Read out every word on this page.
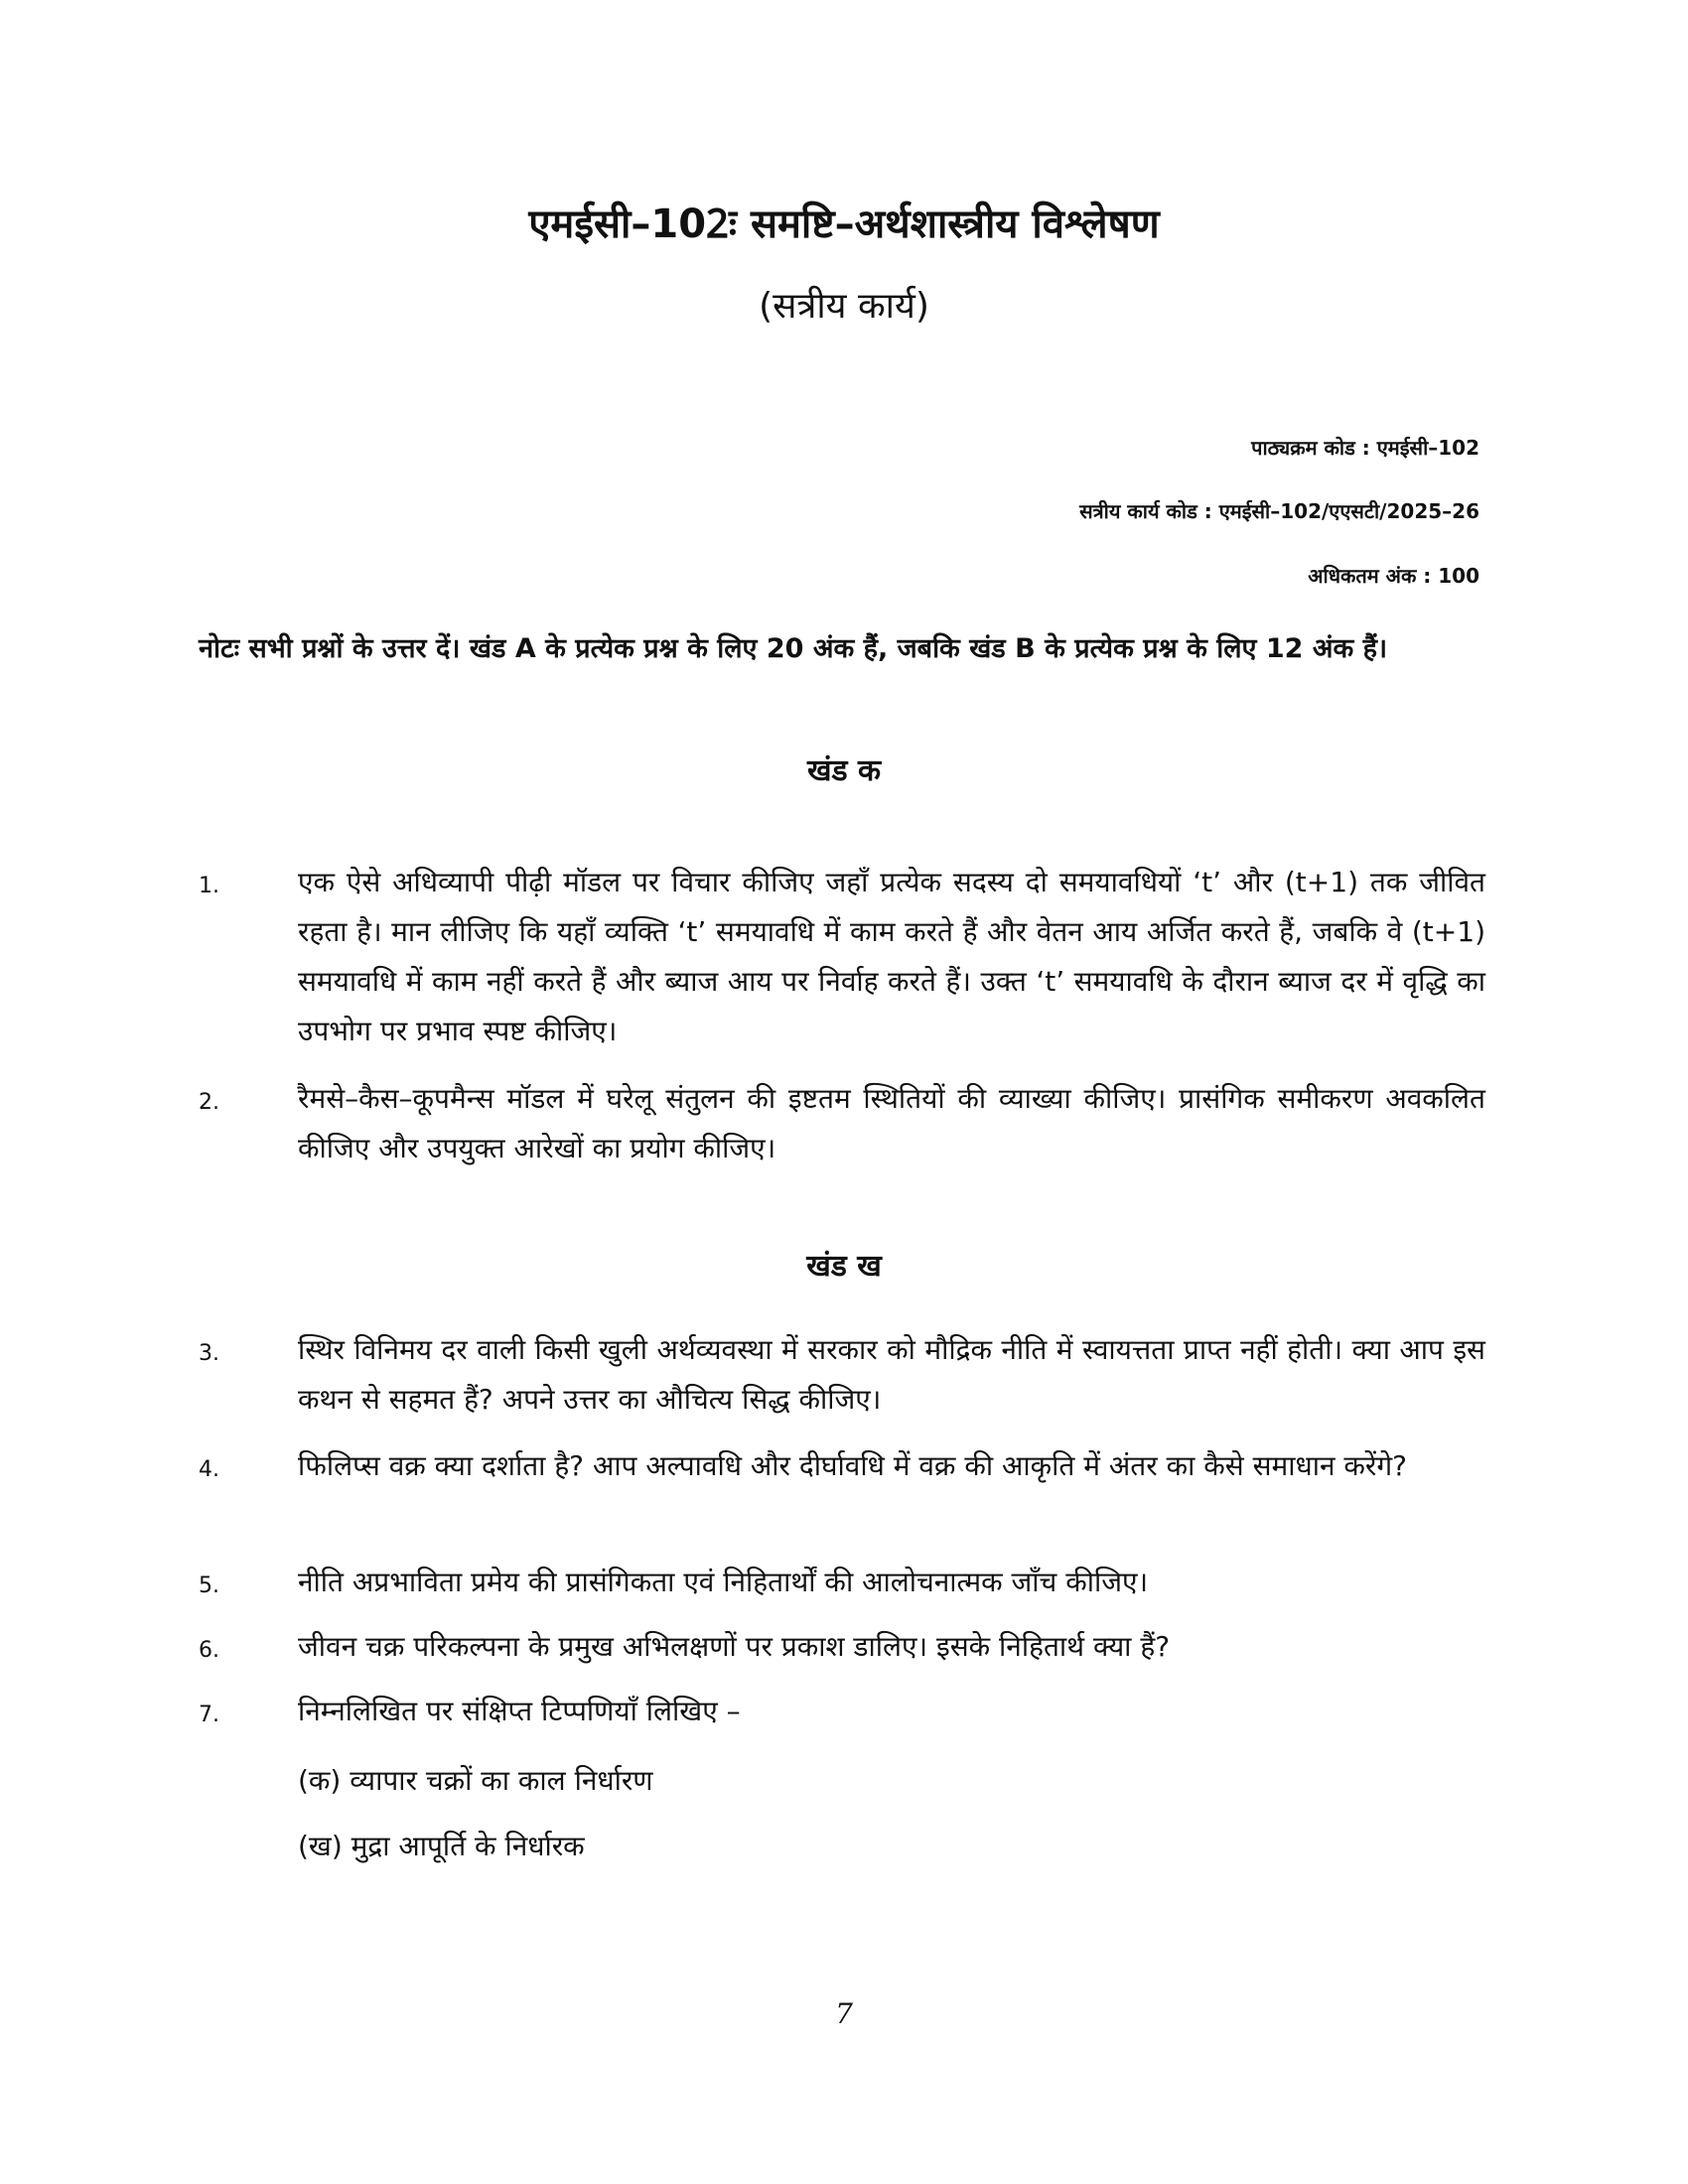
एमईसी–102ः समष्टि–अर्थशास्त्रीय विश्लेषण
(सत्रीय कार्य)
पाठ्यक्रम कोड : एमईसी–102
सत्रीय कार्य कोड : एमईसी–102/एएसटी/2025–26
अधिकतम अंक : 100
नोटः सभी प्रश्नों के उत्तर दें। खंड A के प्रत्येक प्रश्न के लिए 20 अंक हैं, जबकि खंड B के प्रत्येक प्रश्न के लिए 12 अंक हैं।
खंड क
1.	एक ऐसे अधिव्यापी पीढ़ी मॉडल पर विचार कीजिए जहाँ प्रत्येक सदस्य दो समयावधियों ‘t’ और (t+1) तक जीवित रहता है। मान लीजिए कि यहाँ व्यक्ति ‘t’ समयावधि में काम करते हैं और वेतन आय अर्जित करते हैं, जबकि वे (t+1) समयावधि में काम नहीं करते हैं और ब्याज आय पर निर्वाह करते हैं। उक्त ‘t’ समयावधि के दौरान ब्याज दर में वृद्धि का उपभोग पर प्रभाव स्पष्ट कीजिए।
2.	रैमसे–कैस–कूपमैन्स मॉडल में घरेलू संतुलन की इष्टतम स्थितियों की व्याख्या कीजिए। प्रासंगिक समीकरण अवकलित कीजिए और उपयुक्त आरेखों का प्रयोग कीजिए।
खंड ख
3.	स्थिर विनिमय दर वाली किसी खुली अर्थव्यवस्था में सरकार को मौद्रिक नीति में स्वायत्तता प्राप्त नहीं होती। क्या आप इस कथन से सहमत हैं? अपने उत्तर का औचित्य सिद्ध कीजिए।
4.	फिलिप्स वक्र क्या दर्शाता है? आप अल्पावधि और दीर्घावधि में वक्र की आकृति में अंतर का कैसे समाधान करेंगे?
5.	नीति अप्रभाविता प्रमेय की प्रासंगिकता एवं निहितार्थों की आलोचनात्मक जाँच कीजिए।
6.	जीवन चक्र परिकल्पना के प्रमुख अभिलक्षणों पर प्रकाश डालिए। इसके निहितार्थ क्या हैं?
7.	निम्नलिखित पर संक्षिप्त टिप्पणियाँ लिखिए –
(क) व्यापार चक्रों का काल निर्धारण
(ख) मुद्रा आपूर्ति के निर्धारक
7
